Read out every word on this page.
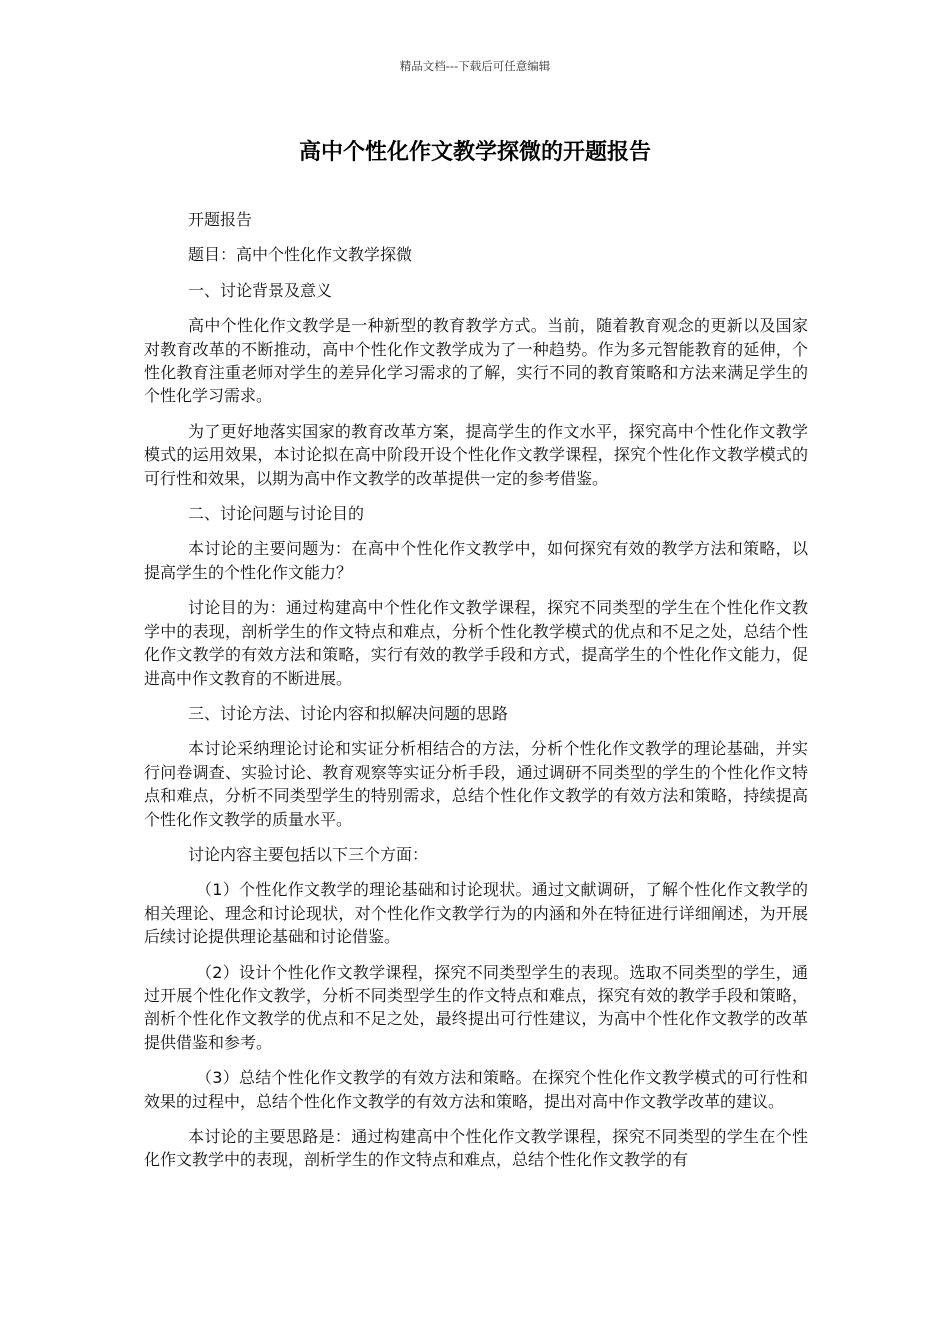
精品文档---下载后可任意编辑
高中个性化作文教学探微的开题报告

开题报告

题目：高中个性化作文教学探微

一、讨论背景及意义

高中个性化作文教学是一种新型的教育教学方式。当前，随着教育观念的更新以及国家对教育改革的不断推动，高中个性化作文教学成为了一种趋势。作为多元智能教育的延伸，个性化教育注重老师对学生的差异化学习需求的了解，实行不同的教育策略和方法来满足学生的个性化学习需求。

为了更好地落实国家的教育改革方案，提高学生的作文水平，探究高中个性化作文教学模式的运用效果，本讨论拟在高中阶段开设个性化作文教学课程，探究个性化作文教学模式的可行性和效果，以期为高中作文教学的改革提供一定的参考借鉴。

二、讨论问题与讨论目的

本讨论的主要问题为：在高中个性化作文教学中，如何探究有效的教学方法和策略，以提高学生的个性化作文能力？

讨论目的为：通过构建高中个性化作文教学课程，探究不同类型的学生在个性化作文教学中的表现，剖析学生的作文特点和难点，分析个性化教学模式的优点和不足之处，总结个性化作文教学的有效方法和策略，实行有效的教学手段和方式，提高学生的个性化作文能力，促进高中作文教育的不断进展。

三、讨论方法、讨论内容和拟解决问题的思路

本讨论采纳理论讨论和实证分析相结合的方法，分析个性化作文教学的理论基础，并实行问卷调查、实验讨论、教育观察等实证分析手段，通过调研不同类型的学生的个性化作文特点和难点，分析不同类型学生的特别需求，总结个性化作文教学的有效方法和策略，持续提高个性化作文教学的质量水平。

讨论内容主要包括以下三个方面：

（1）个性化作文教学的理论基础和讨论现状。通过文献调研，了解个性化作文教学的相关理论、理念和讨论现状，对个性化作文教学行为的内涵和外在特征进行详细阐述，为开展后续讨论提供理论基础和讨论借鉴。

（2）设计个性化作文教学课程，探究不同类型学生的表现。选取不同类型的学生，通过开展个性化作文教学，分析不同类型学生的作文特点和难点，探究有效的教学手段和策略，剖析个性化作文教学的优点和不足之处，最终提出可行性建议，为高中个性化作文教学的改革提供借鉴和参考。

（3）总结个性化作文教学的有效方法和策略。在探究个性化作文教学模式的可行性和效果的过程中，总结个性化作文教学的有效方法和策略，提出对高中作文教学改革的建议。

本讨论的主要思路是：通过构建高中个性化作文教学课程，探究不同类型的学生在个性化作文教学中的表现，剖析学生的作文特点和难点，总结个性化作文教学的有
